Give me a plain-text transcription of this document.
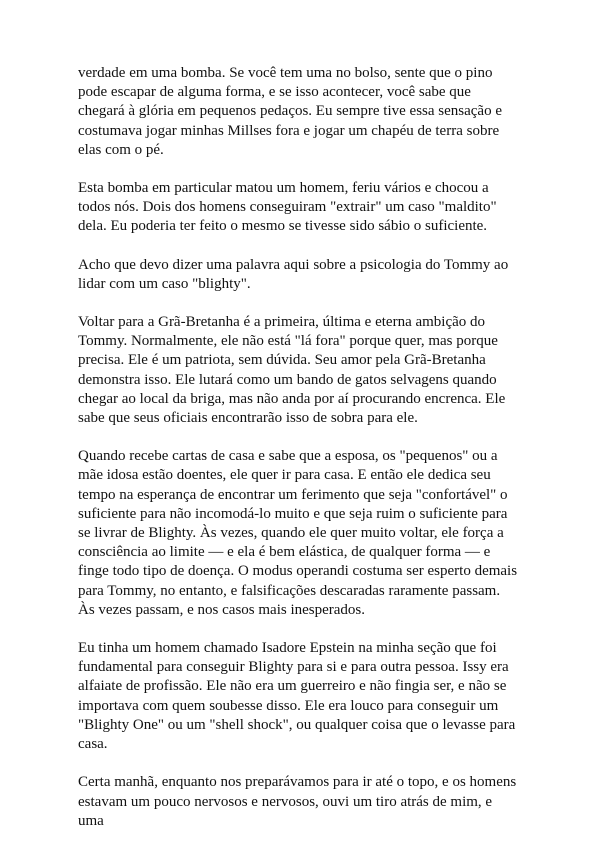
verdade em uma bomba. Se você tem uma no bolso, sente que o pino pode escapar de alguma forma, e se isso acontecer, você sabe que chegará à glória em pequenos pedaços. Eu sempre tive essa sensação e costumava jogar minhas Millses fora e jogar um chapéu de terra sobre elas com o pé.

Esta bomba em particular matou um homem, feriu vários e chocou a todos nós. Dois dos homens conseguiram "extrair" um caso "maldito" dela. Eu poderia ter feito o mesmo se tivesse sido sábio o suficiente.

Acho que devo dizer uma palavra aqui sobre a psicologia do Tommy ao lidar com um caso "blighty".

Voltar para a Grã-Bretanha é a primeira, última e eterna ambição do Tommy. Normalmente, ele não está "lá fora" porque quer, mas porque precisa. Ele é um patriota, sem dúvida. Seu amor pela Grã-Bretanha demonstra isso. Ele lutará como um bando de gatos selvagens quando chegar ao local da briga, mas não anda por aí procurando encrenca. Ele sabe que seus oficiais encontrarão isso de sobra para ele.

Quando recebe cartas de casa e sabe que a esposa, os "pequenos" ou a mãe idosa estão doentes, ele quer ir para casa. E então ele dedica seu tempo na esperança de encontrar um ferimento que seja "confortável" o suficiente para não incomodá-lo muito e que seja ruim o suficiente para se livrar de Blighty. Às vezes, quando ele quer muito voltar, ele força a consciência ao limite — e ela é bem elástica, de qualquer forma — e finge todo tipo de doença. O modus operandi costuma ser esperto demais para Tommy, no entanto, e falsificações descaradas raramente passam. Às vezes passam, e nos casos mais inesperados.

Eu tinha um homem chamado Isadore Epstein na minha seção que foi fundamental para conseguir Blighty para si e para outra pessoa. Issy era alfaiate de profissão. Ele não era um guerreiro e não fingia ser, e não se importava com quem soubesse disso. Ele era louco para conseguir um "Blighty One" ou um "shell shock", ou qualquer coisa que o levasse para casa.

Certa manhã, enquanto nos preparávamos para ir até o topo, e os homens estavam um pouco nervosos e nervosos, ouvi um tiro atrás de mim, e uma
